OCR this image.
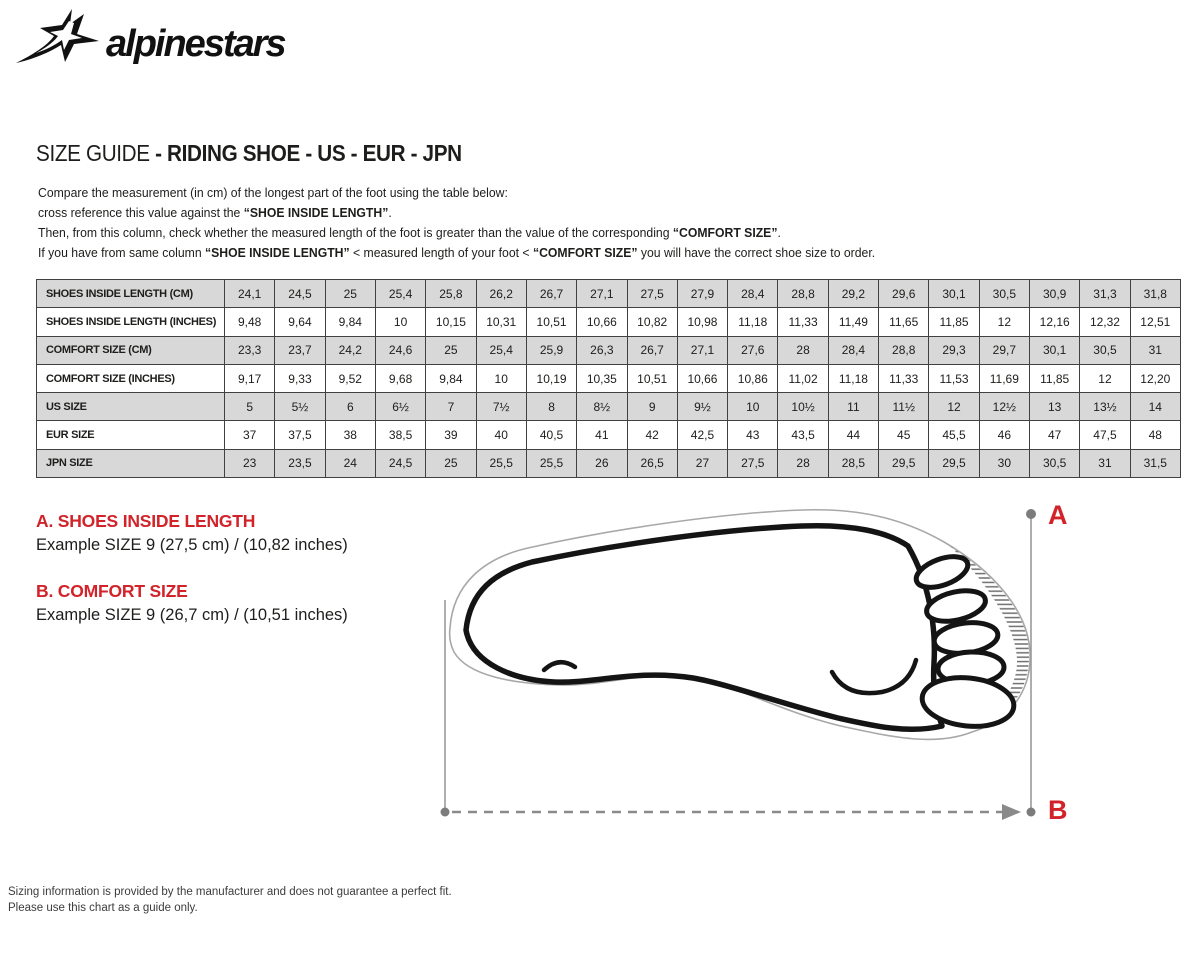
alpinestars
SIZE GUIDE - RIDING SHOE - US - EUR - JPN
Compare the measurement (in cm) of the longest part of the foot using the table below:
cross reference this value against the “SHOE INSIDE LENGTH”.
Then, from this column, check whether the measured length of the foot is greater than the value of the corresponding “COMFORT SIZE”.
If you have from same column “SHOE INSIDE LENGTH” < measured length of your foot < “COMFORT SIZE” you will have the correct shoe size to order.
SHOES INSIDE LENGTH (CM)	24,1	24,5	25	25,4	25,8	26,2	26,7	27,1	27,5	27,9	28,4	28,8	29,2	29,6	30,1	30,5	30,9	31,3	31,8
SHOES INSIDE LENGTH (INCHES)	9,48	9,64	9,84	10	10,15	10,31	10,51	10,66	10,82	10,98	11,18	11,33	11,49	11,65	11,85	12	12,16	12,32	12,51
COMFORT SIZE (CM)	23,3	23,7	24,2	24,6	25	25,4	25,9	26,3	26,7	27,1	27,6	28	28,4	28,8	29,3	29,7	30,1	30,5	31
COMFORT SIZE (INCHES)	9,17	9,33	9,52	9,68	9,84	10	10,19	10,35	10,51	10,66	10,86	11,02	11,18	11,33	11,53	11,69	11,85	12	12,20
US SIZE	5	5½	6	6½	7	7½	8	8½	9	9½	10	10½	11	11½	12	12½	13	13½	14
EUR SIZE	37	37,5	38	38,5	39	40	40,5	41	42	42,5	43	43,5	44	45	45,5	46	47	47,5	48
JPN SIZE	23	23,5	24	24,5	25	25,5	25,5	26	26,5	27	27,5	28	28,5	29,5	29,5	30	30,5	31	31,5
A. SHOES INSIDE LENGTH
Example SIZE 9 (27,5 cm) / (10,82 inches)
B. COMFORT SIZE
Example SIZE 9 (26,7 cm) / (10,51 inches)
A
B
Sizing information is provided by the manufacturer and does not guarantee a perfect fit.
Please use this chart as a guide only.
